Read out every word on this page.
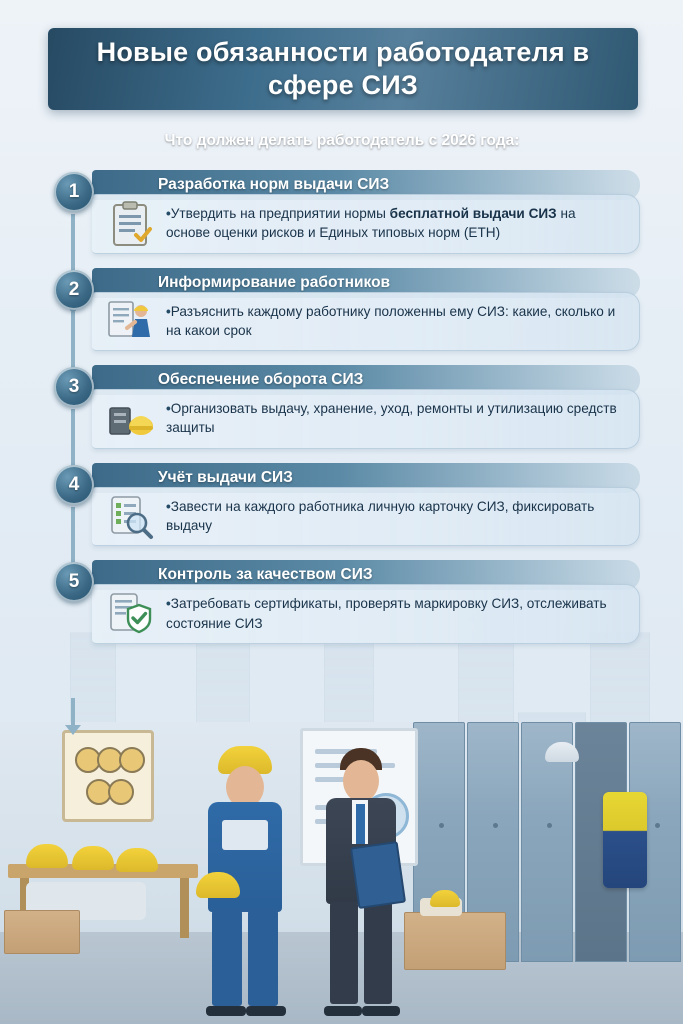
Новые обязанности работодателя в сфере СИЗ
Что должен делать работодатель с 2026 года:
1	Разработка норм выдачи СИЗ

•Утвердить на предприятии нормы бесплатной выдачи СИЗ на основе оценки рисков и Единых типовых норм (ЕТН)

2	Информирование работников

•Разъяснить каждому работнику положенны ему СИЗ: какие, сколько и на какои срок

3	Обеспечение оборота СИЗ

•Организовать выдачу, хранение, уход, ремонты и утилизацию средств защиты

4	Учёт выдачи СИЗ

•Завести на каждого работника личную карточку СИЗ, фиксировать выдачу

5	Контроль за качеством СИЗ

•Затребовать сертификаты, проверять маркировку СИЗ, отслеживать состояние СИЗ
